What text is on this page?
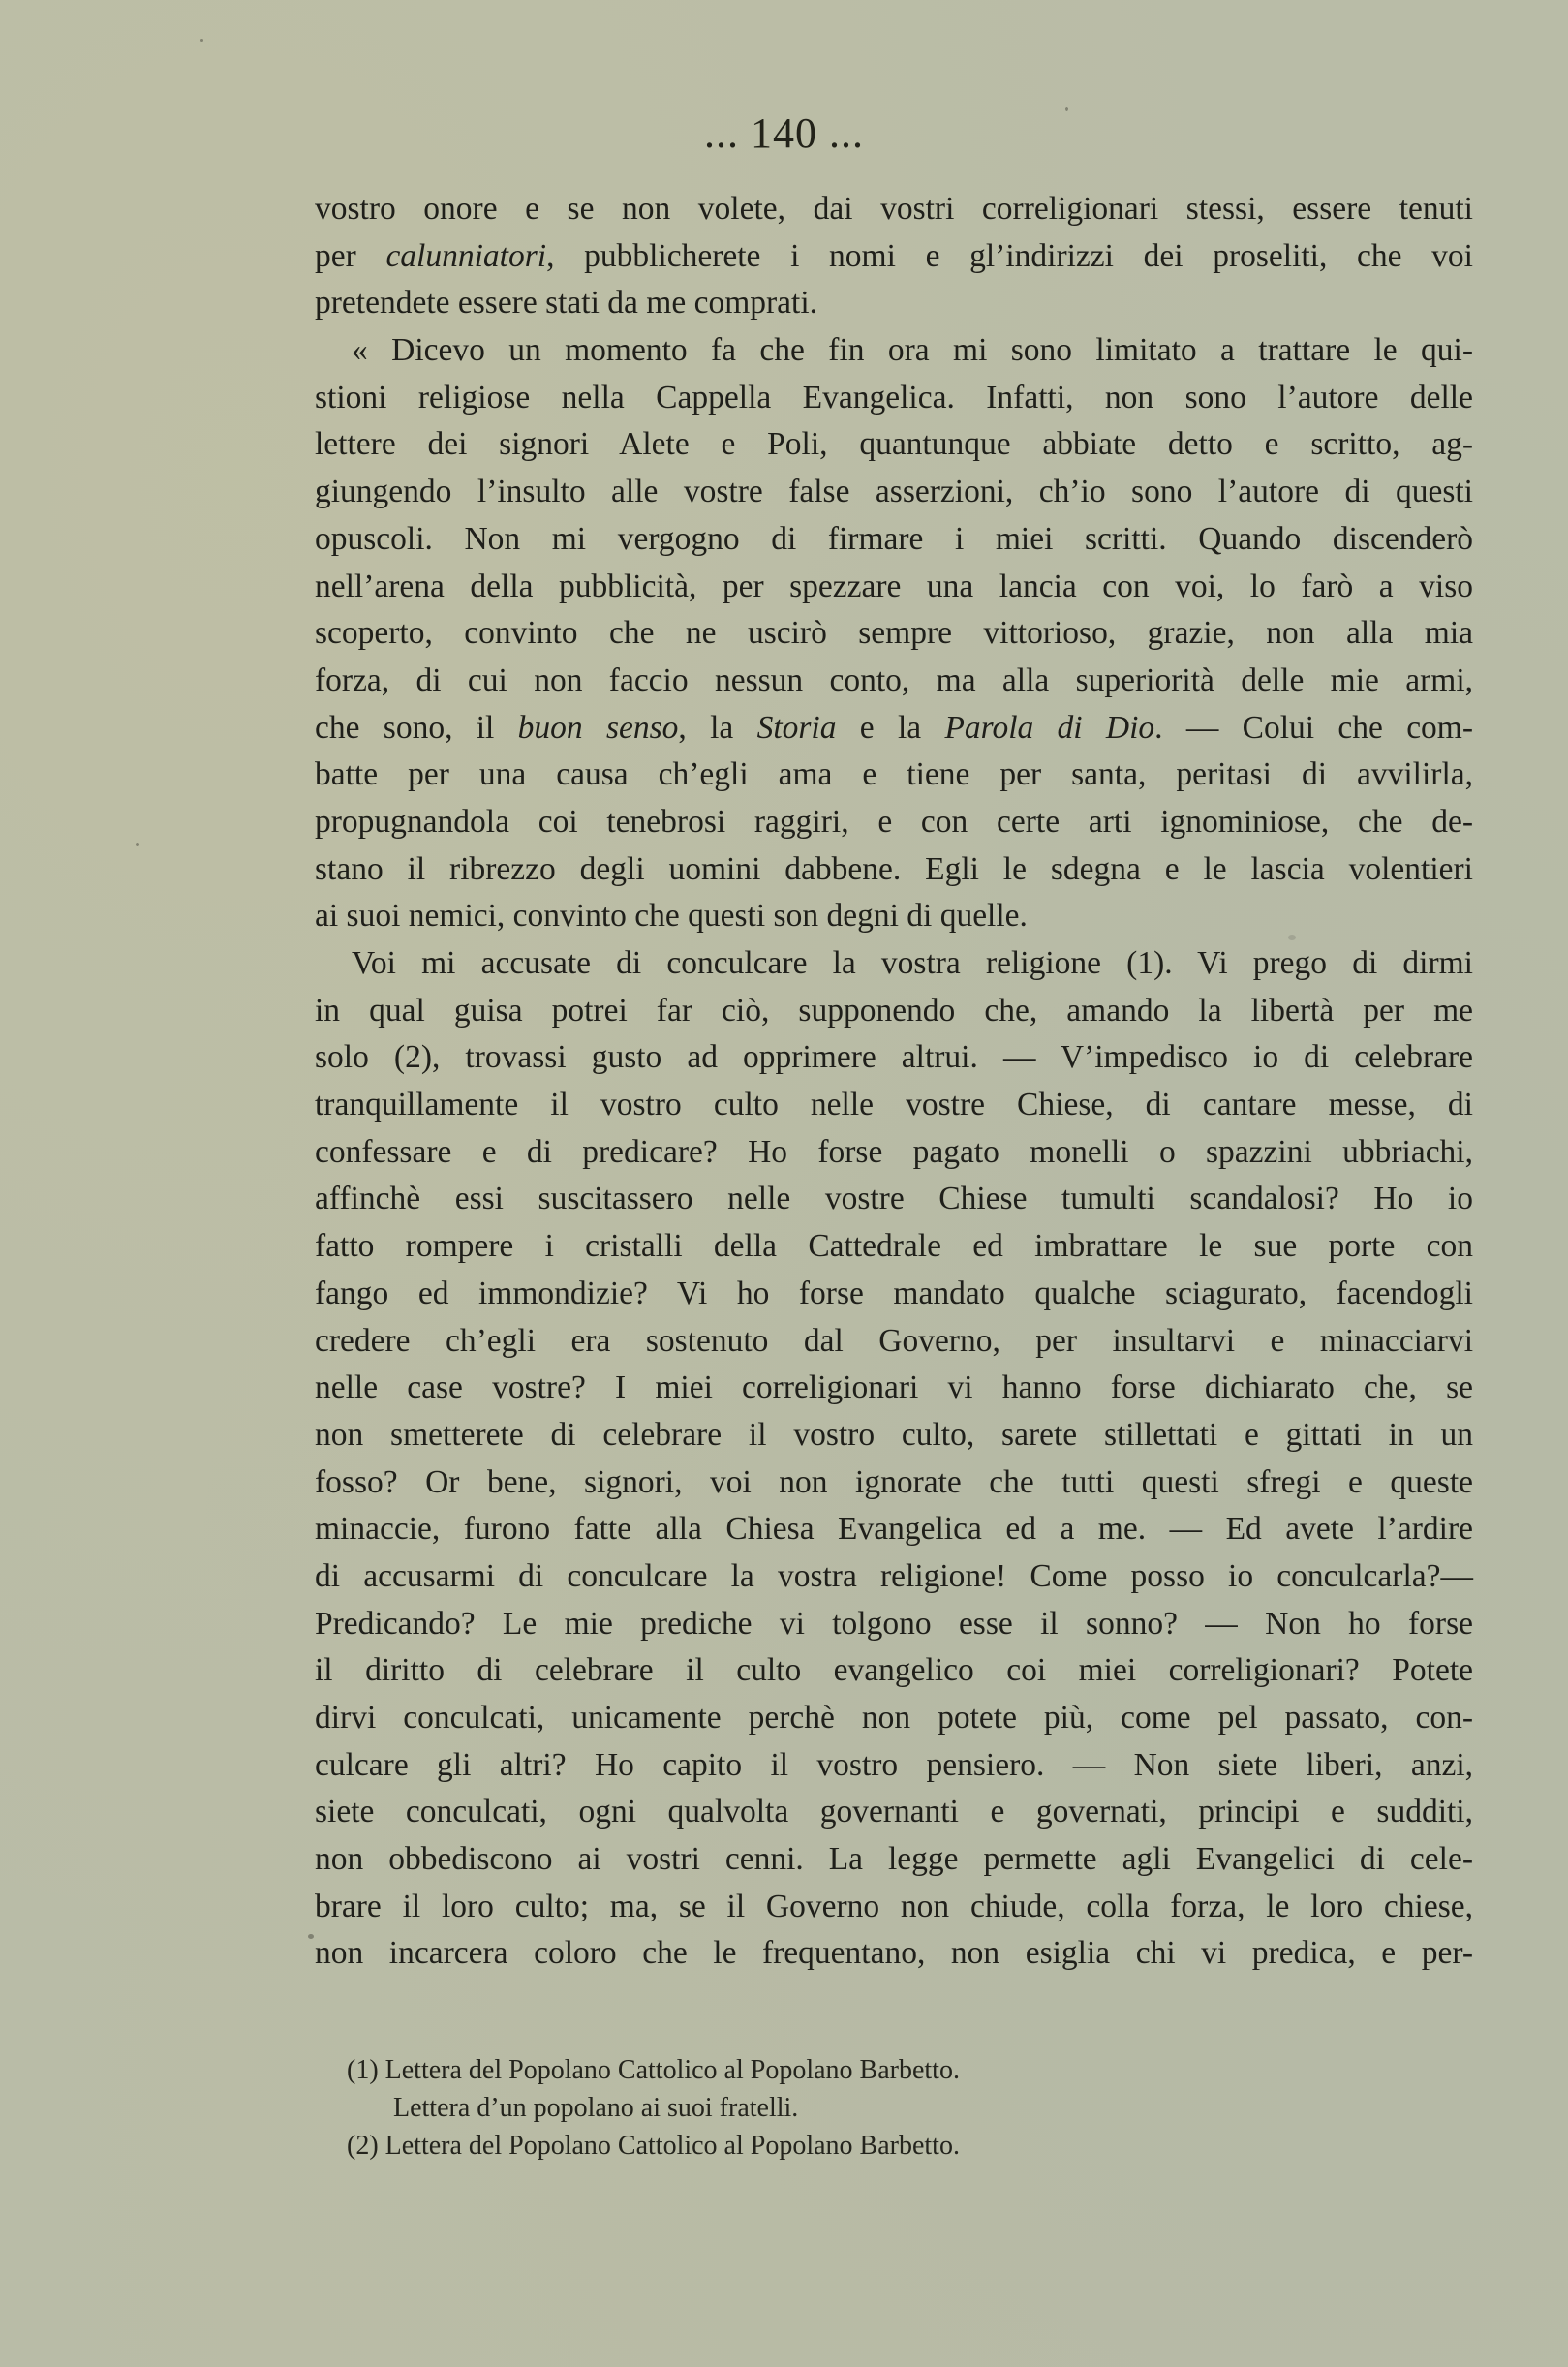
... 140 ...
vostro onore e se non volete, dai vostri correligionari stessi, essere tenuti
per calunniatori, pubblicherete i nomi e gl’indirizzi dei proseliti, che voi
pretendete essere stati da me comprati.
« Dicevo un momento fa che fin ora mi sono limitato a trattare le qui-
stioni religiose nella Cappella Evangelica. Infatti, non sono l’autore delle
lettere dei signori Alete e Poli, quantunque abbiate detto e scritto, ag-
giungendo l’insulto alle vostre false asserzioni, ch’io sono l’autore di questi
opuscoli. Non mi vergogno di firmare i miei scritti. Quando discenderò
nell’arena della pubblicità, per spezzare una lancia con voi, lo farò a viso
scoperto, convinto che ne uscirò sempre vittorioso, grazie, non alla mia
forza, di cui non faccio nessun conto, ma alla superiorità delle mie armi,
che sono, il buon senso, la Storia e la Parola di Dio. — Colui che com-
batte per una causa ch’egli ama e tiene per santa, peritasi di avvilirla,
propugnandola coi tenebrosi raggiri, e con certe arti ignominiose, che de-
stano il ribrezzo degli uomini dabbene. Egli le sdegna e le lascia volentieri
ai suoi nemici, convinto che questi son degni di quelle.
Voi mi accusate di conculcare la vostra religione (1). Vi prego di dirmi
in qual guisa potrei far ciò, supponendo che, amando la libertà per me
solo (2), trovassi gusto ad opprimere altrui. — V’impedisco io di celebrare
tranquillamente il vostro culto nelle vostre Chiese, di cantare messe, di
confessare e di predicare? Ho forse pagato monelli o spazzini ubbriachi,
affinchè essi suscitassero nelle vostre Chiese tumulti scandalosi? Ho io
fatto rompere i cristalli della Cattedrale ed imbrattare le sue porte con
fango ed immondizie? Vi ho forse mandato qualche sciagurato, facendogli
credere ch’egli era sostenuto dal Governo, per insultarvi e minacciarvi
nelle case vostre? I miei correligionari vi hanno forse dichiarato che, se
non smetterete di celebrare il vostro culto, sarete stillettati e gittati in un
fosso? Or bene, signori, voi non ignorate che tutti questi sfregi e queste
minaccie, furono fatte alla Chiesa Evangelica ed a me. — Ed avete l’ardire
di accusarmi di conculcare la vostra religione! Come posso io conculcarla?—
Predicando? Le mie prediche vi tolgono esse il sonno? — Non ho forse
il diritto di celebrare il culto evangelico coi miei correligionari? Potete
dirvi conculcati, unicamente perchè non potete più, come pel passato, con-
culcare gli altri? Ho capito il vostro pensiero. — Non siete liberi, anzi,
siete conculcati, ogni qualvolta governanti e governati, principi e sudditi,
non obbediscono ai vostri cenni. La legge permette agli Evangelici di cele-
brare il loro culto; ma, se il Governo non chiude, colla forza, le loro chiese,
non incarcera coloro che le frequentano, non esiglia chi vi predica, e per-
(1) Lettera del Popolano Cattolico al Popolano Barbetto.
Lettera d’un popolano ai suoi fratelli.
(2) Lettera del Popolano Cattolico al Popolano Barbetto.
